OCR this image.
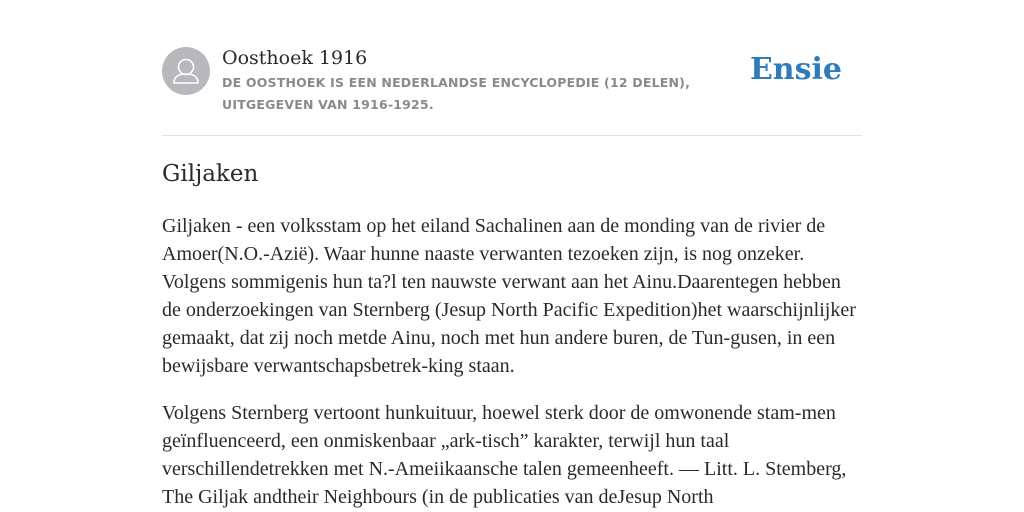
Oosthoek 1916
DE OOSTHOEK IS EEN NEDERLANDSE ENCYCLOPEDIE (12 DELEN), UITGEGEVEN VAN 1916-1925.
Ensie
Giljaken

Giljaken - een volksstam op het eiland Sachalinen aan de monding van de rivier de Amoer(N.O.-Azië). Waar hunne naaste verwanten tezoeken zijn, is nog onzeker. Volgens sommigenis hun ta?l ten nauwste verwant aan het Ainu.Daarentegen hebben de onderzoekingen van Sternberg (Jesup North Pacific Expedition)het waarschijnlijker gemaakt, dat zij noch metde Ainu, noch met hun andere buren, de Tun-gusen, in een bewijsbare verwantschapsbetrek-king staan.

Volgens Sternberg vertoont hunkuituur, hoewel sterk door de omwonende stam-men geïnfluenceerd, een onmiskenbaar „ark-tisch” karakter, terwijl hun taal verschillendetrekken met N.-Ameiikaansche talen gemeenheeft. — Litt. L. Stemberg, The Giljak andtheir Neighbours (in de publicaties van deJesup North
